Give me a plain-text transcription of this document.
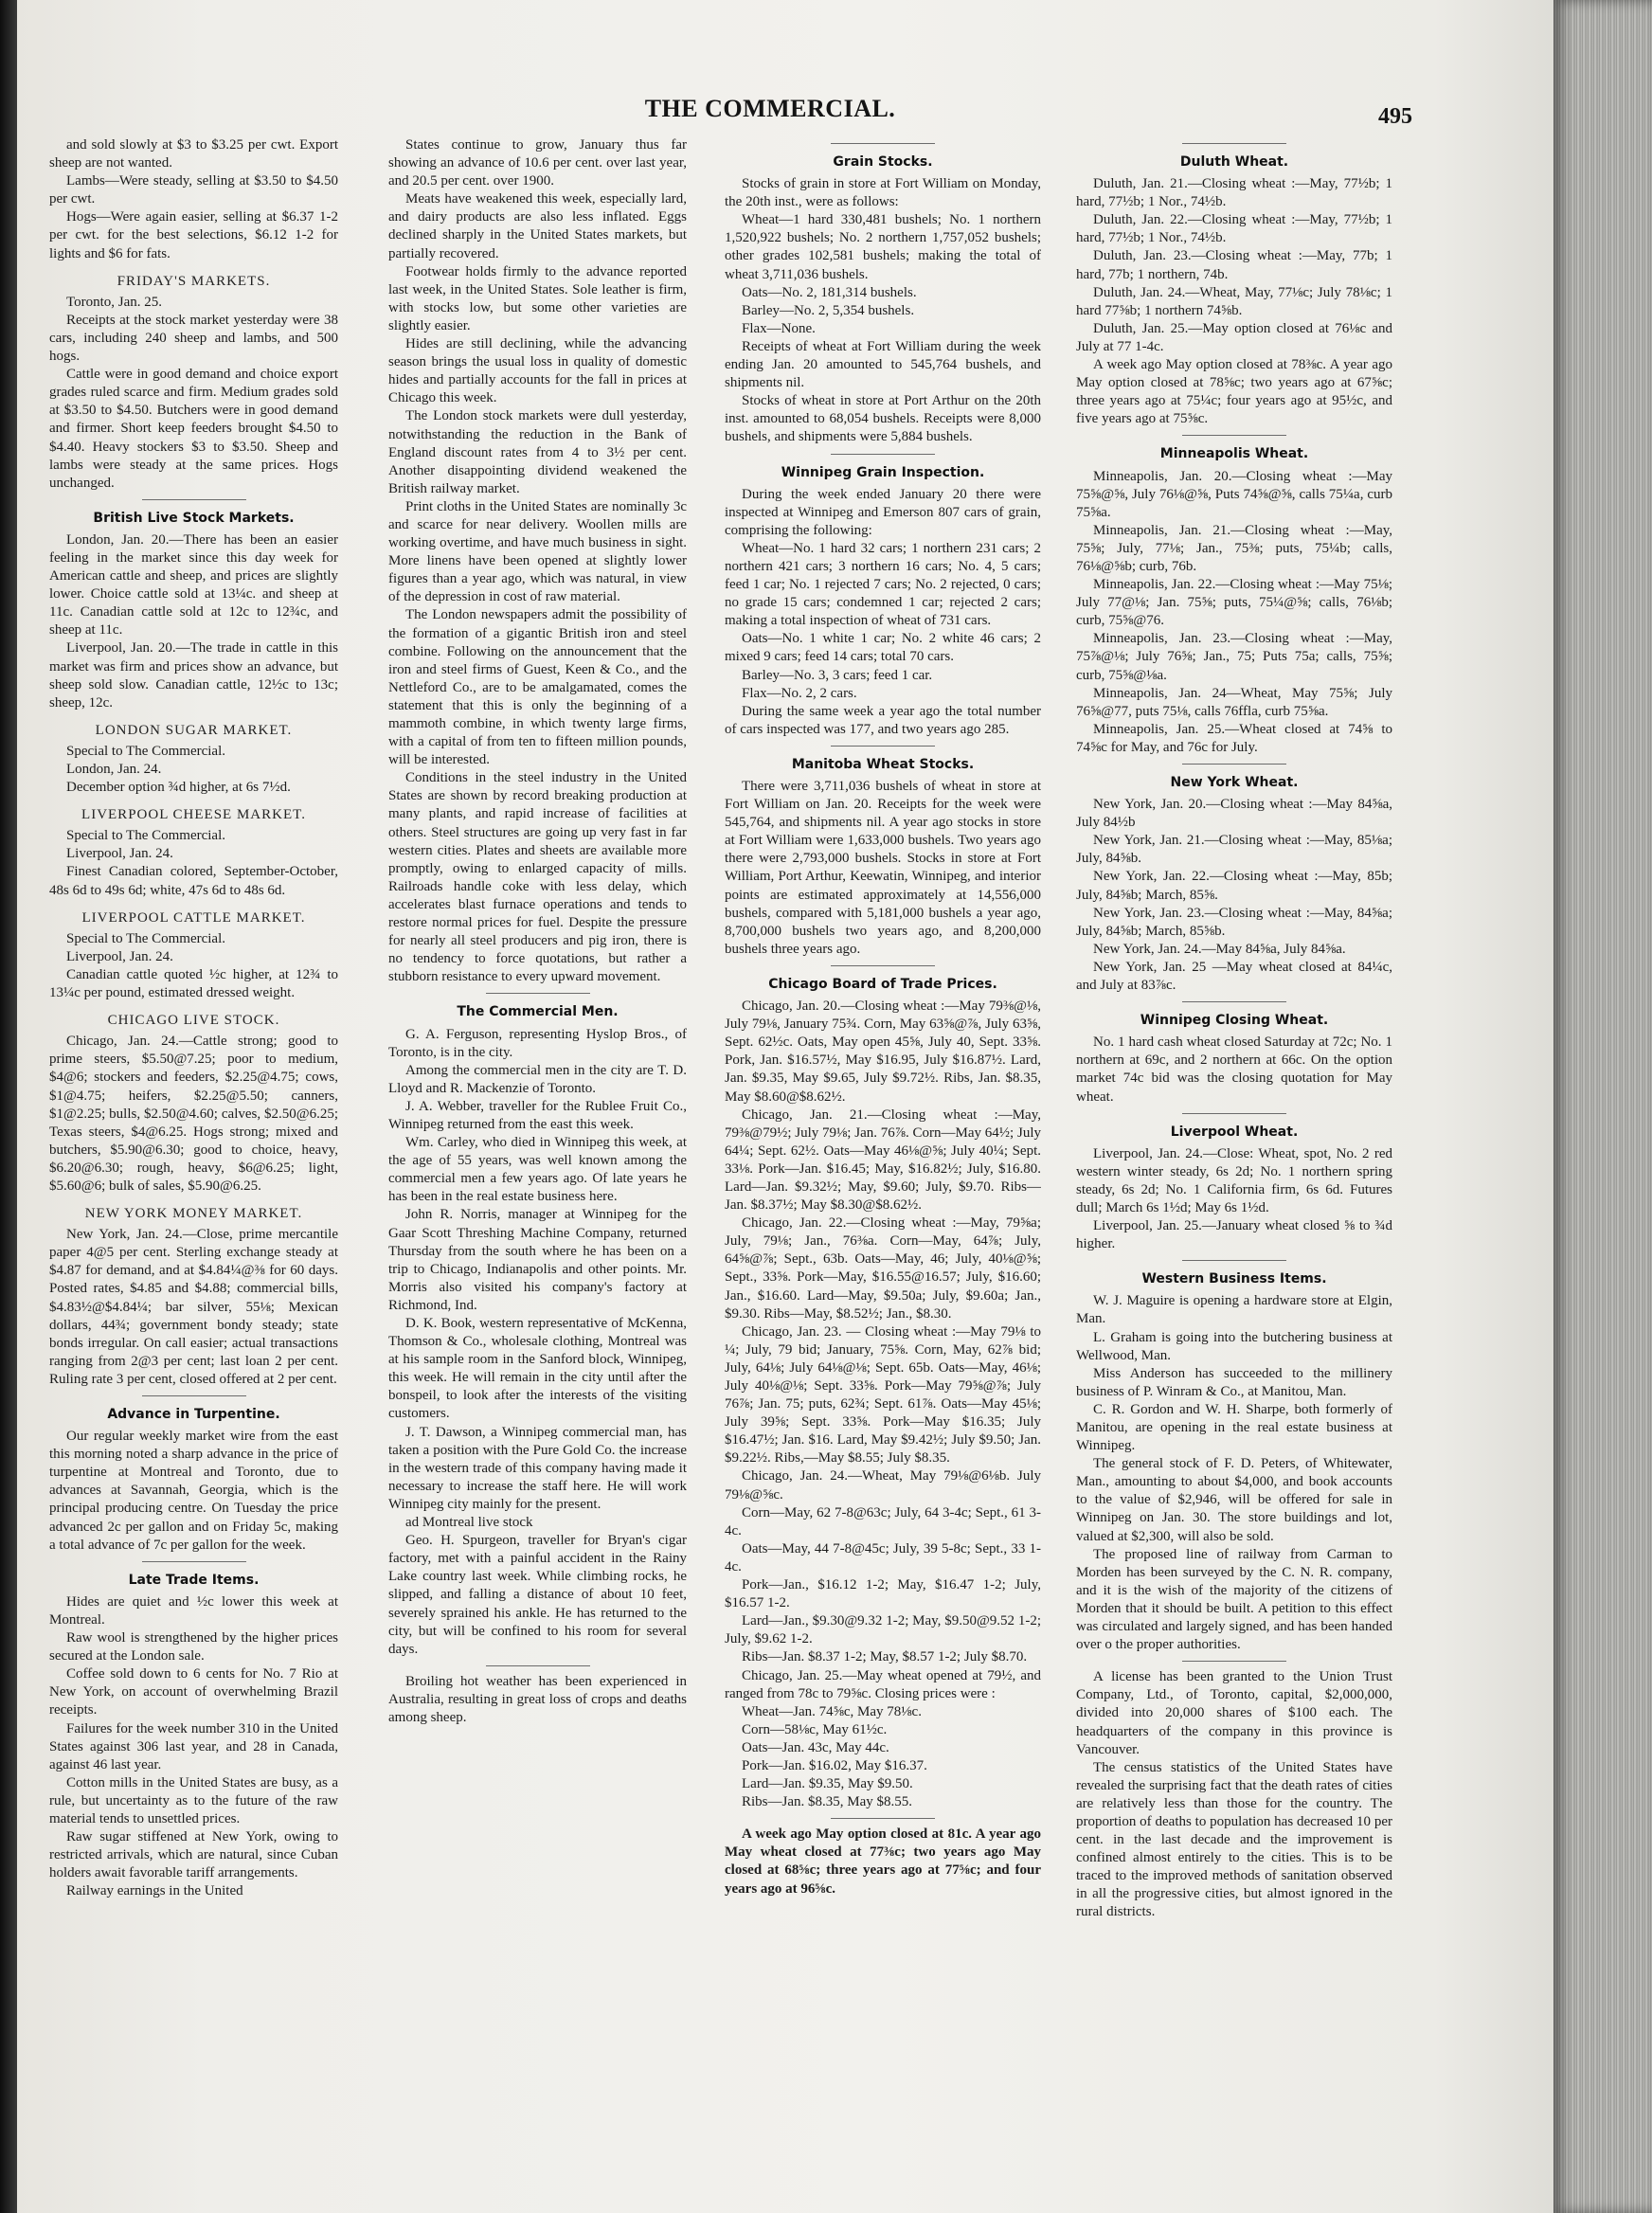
THE COMMERCIAL.	495
and sold slowly at $3 to $3.25 per cwt. Export sheep are not wanted.
Lambs—Were steady, selling at $3.50 to $4.50 per cwt.
Hogs—Were again easier, selling at $6.37 1-2 per cwt. for the best selections, $6.12 1-2 for lights and $6 for fats.
FRIDAY'S MARKETS.
Toronto, Jan. 25.
Receipts at the stock market yesterday were 38 cars, including 240 sheep and lambs, and 500 hogs.
Cattle were in good demand and choice export grades ruled scarce and firm. Medium grades sold at $3.50 to $4.50. Butchers were in good demand and firmer. Short keep feeders brought $4.50 to $4.40. Heavy stockers $3 to $3.50. Sheep and lambs were steady at the same prices. Hogs unchanged.
British Live Stock Markets.
London, Jan. 20.—There has been an easier feeling in the market since this day week for American cattle and sheep, and prices are slightly lower. Choice cattle sold at 13¼c. and sheep at 11c. Canadian cattle sold at 12c to 12¾c, and sheep at 11c.
Liverpool, Jan. 20.—The trade in cattle in this market was firm and prices show an advance, but sheep sold slow. Canadian cattle, 12½c to 13c; sheep, 12c.
LONDON SUGAR MARKET.
Special to The Commercial.
London, Jan. 24.
December option ¾d higher, at 6s 7½d.
LIVERPOOL CHEESE MARKET.
Special to The Commercial.
Liverpool, Jan. 24.
Finest Canadian colored, September-October, 48s 6d to 49s 6d; white, 47s 6d to 48s 6d.
LIVERPOOL CATTLE MARKET.
Special to The Commercial.
Liverpool, Jan. 24.
Canadian cattle quoted ½c higher, at 12¾ to 13¼c per pound, estimated dressed weight.
CHICAGO LIVE STOCK.
Chicago, Jan. 24.—Cattle strong; good to prime steers, $5.50@7.25; poor to medium, $4@6; stockers and feeders, $2.25@4.75; cows, $1@4.75; heifers, $2.25@5.50; canners, $1@2.25; bulls, $2.50@4.60; calves, $2.50@6.25; Texas steers, $4@6.25. Hogs strong; mixed and butchers, $5.90@6.30; good to choice, heavy, $6.20@6.30; rough, heavy, $6@6.25; light, $5.60@6; bulk of sales, $5.90@6.25.
NEW YORK MONEY MARKET.
New York, Jan. 24.—Close, prime mercantile paper 4@5 per cent. Sterling exchange steady at $4.87 for demand, and at $4.84¼@⅜ for 60 days. Posted rates, $4.85 and $4.88; commercial bills, $4.83½@$4.84¼; bar silver, 55⅛; Mexican dollars, 44¾; government bondy steady; state bonds irregular. On call easier; actual transactions ranging from 2@3 per cent; last loan 2 per cent. Ruling rate 3 per cent, closed offered at 2 per cent.
Advance in Turpentine.
Our regular weekly market wire from the east this morning noted a sharp advance in the price of turpentine at Montreal and Toronto, due to advances at Savannah, Georgia, which is the principal producing centre. On Tuesday the price advanced 2c per gallon and on Friday 5c, making a total advance of 7c per gallon for the week.
Late Trade Items.
Hides are quiet and ½c lower this week at Montreal.
Raw wool is strengthened by the higher prices secured at the London sale.
Coffee sold down to 6 cents for No. 7 Rio at New York, on account of overwhelming Brazil receipts.
Failures for the week number 310 in the United States against 306 last year, and 28 in Canada, against 46 last year.
Cotton mills in the United States are busy, as a rule, but uncertainty as to the future of the raw material tends to unsettled prices.
Raw sugar stiffened at New York, owing to restricted arrivals, which are natural, since Cuban holders await favorable tariff arrangements.
Railway earnings in the United
States continue to grow, January thus far showing an advance of 10.6 per cent. over last year, and 20.5 per cent. over 1900.
Meats have weakened this week, especially lard, and dairy products are also less inflated. Eggs declined sharply in the United States markets, but partially recovered.
Footwear holds firmly to the advance reported last week, in the United States. Sole leather is firm, with stocks low, but some other varieties are slightly easier.
Hides are still declining, while the advancing season brings the usual loss in quality of domestic hides and partially accounts for the fall in prices at Chicago this week.
The London stock markets were dull yesterday, notwithstanding the reduction in the Bank of England discount rates from 4 to 3½ per cent. Another disappointing dividend weakened the British railway market.
Print cloths in the United States are nominally 3c and scarce for near delivery. Woollen mills are working overtime, and have much business in sight. More linens have been opened at slightly lower figures than a year ago, which was natural, in view of the depression in cost of raw material.
The London newspapers admit the possibility of the formation of a gigantic British iron and steel combine. Following on the announcement that the iron and steel firms of Guest, Keen & Co., and the Nettleford Co., are to be amalgamated, comes the statement that this is only the beginning of a mammoth combine, in which twenty large firms, with a capital of from ten to fifteen million pounds, will be interested.
Conditions in the steel industry in the United States are shown by record breaking production at many plants, and rapid increase of facilities at others. Steel structures are going up very fast in far western cities. Plates and sheets are available more promptly, owing to enlarged capacity of mills. Railroads handle coke with less delay, which accelerates blast furnace operations and tends to restore normal prices for fuel. Despite the pressure for nearly all steel producers and pig iron, there is no tendency to force quotations, but rather a stubborn resistance to every upward movement.
The Commercial Men.
G. A. Ferguson, representing Hyslop Bros., of Toronto, is in the city.
Among the commercial men in the city are T. D. Lloyd and R. Mackenzie of Toronto.
J. A. Webber, traveller for the Rublee Fruit Co., Winnipeg returned from the east this week.
Wm. Carley, who died in Winnipeg this week, at the age of 55 years, was well known among the commercial men a few years ago. Of late years he has been in the real estate business here.
John R. Norris, manager at Winnipeg for the Gaar Scott Threshing Machine Company, returned Thursday from the south where he has been on a trip to Chicago, Indianapolis and other points. Mr. Morris also visited his company's factory at Richmond, Ind.
D. K. Book, western representative of McKenna, Thomson & Co., wholesale clothing, Montreal was at his sample room in the Sanford block, Winnipeg, this week. He will remain in the city until after the bonspeil, to look after the interests of the visiting customers.
J. T. Dawson, a Winnipeg commercial man, has taken a position with the Pure Gold Co. the increase in the western trade of this company having made it necessary to increase the staff here. He will work Winnipeg city mainly for the present.
ad Montreal live stock
Geo. H. Spurgeon, traveller for Bryan's cigar factory, met with a painful accident in the Rainy Lake country last week. While climbing rocks, he slipped, and falling a distance of about 10 feet, severely sprained his ankle. He has returned to the city, but will be confined to his room for several days.
Broiling hot weather has been experienced in Australia, resulting in great loss of crops and deaths among sheep.
Grain Stocks.
Stocks of grain in store at Fort William on Monday, the 20th inst., were as follows:
Wheat—1 hard 330,481 bushels; No. 1 northern 1,520,922 bushels; No. 2 northern 1,757,052 bushels; other grades 102,581 bushels; making the total of wheat 3,711,036 bushels.
Oats—No. 2, 181,314 bushels.
Barley—No. 2, 5,354 bushels.
Flax—None.
Receipts of wheat at Fort William during the week ending Jan. 20 amounted to 545,764 bushels, and shipments nil.
Stocks of wheat in store at Port Arthur on the 20th inst. amounted to 68,054 bushels. Receipts were 8,000 bushels, and shipments were 5,884 bushels.
Winnipeg Grain Inspection.
During the week ended January 20 there were inspected at Winnipeg and Emerson 807 cars of grain, comprising the following:
Wheat—No. 1 hard 32 cars; 1 northern 231 cars; 2 northern 421 cars; 3 northern 16 cars; No. 4, 5 cars; feed 1 car; No. 1 rejected 7 cars; No. 2 rejected, 0 cars; no grade 15 cars; condemned 1 car; rejected 2 cars; making a total inspection of wheat of 731 cars.
Oats—No. 1 white 1 car; No. 2 white 46 cars; 2 mixed 9 cars; feed 14 cars; total 70 cars.
Barley—No. 3, 3 cars; feed 1 car.
Flax—No. 2, 2 cars.
During the same week a year ago the total number of cars inspected was 177, and two years ago 285.
Manitoba Wheat Stocks.
There were 3,711,036 bushels of wheat in store at Fort William on Jan. 20. Receipts for the week were 545,764, and shipments nil. A year ago stocks in store at Fort William were 1,633,000 bushels. Two years ago there were 2,793,000 bushels. Stocks in store at Fort William, Port Arthur, Keewatin, Winnipeg, and interior points are estimated approximately at 14,556,000 bushels, compared with 5,181,000 bushels a year ago, 8,700,000 bushels two years ago, and 8,200,000 bushels three years ago.
Chicago Board of Trade Prices.
Chicago, Jan. 20.—Closing wheat :—May 79⅜@⅛, July 79⅛, January 75¾. Corn, May 63⅝@⅞, July 63⅝, Sept. 62½c. Oats, May open 45⅝, July 40, Sept. 33⅝. Pork, Jan. $16.57½, May $16.95, July $16.87½. Lard, Jan. $9.35, May $9.65, July $9.72½. Ribs, Jan. $8.35, May $8.60@$8.62½.
Chicago, Jan. 21.—Closing wheat :—May, 79⅜@79½; July 79⅛; Jan. 76⅞. Corn—May 64½; July 64¼; Sept. 62½. Oats—May 46⅛@⅝; July 40¼; Sept. 33⅛. Pork—Jan. $16.45; May, $16.82½; July, $16.80. Lard—Jan. $9.32½; May, $9.60; July, $9.70. Ribs—Jan. $8.37½; May $8.30@$8.62½.
Chicago, Jan. 22.—Closing wheat :—May, 79⅝a; July, 79⅛; Jan., 76⅜a. Corn—May, 64⅞; July, 64⅝@⅞; Sept., 63b. Oats—May, 46; July, 40⅛@⅝; Sept., 33⅝. Pork—May, $16.55@16.57; July, $16.60; Jan., $16.60. Lard—May, $9.50a; July, $9.60a; Jan., $9.30. Ribs—May, $8.52½; Jan., $8.30.
Chicago, Jan. 23. — Closing wheat :—May 79⅛ to ¼; July, 79 bid; January, 75⅝. Corn, May, 62⅞ bid; July, 64⅛; July 64⅛@⅛; Sept. 65b. Oats—May, 46⅛; July 40⅛@⅛; Sept. 33⅝. Pork—May 79⅝@⅞; July 76⅞; Jan. 75; puts, 62¾; Sept. 61⅞. Oats—May 45⅛; July 39⅝; Sept. 33⅝. Pork—May $16.35; July $16.47½; Jan. $16. Lard, May $9.42½; July $9.50; Jan. $9.22½. Ribs,—May $8.55; July $8.35.
Chicago, Jan. 24.—Wheat, May 79⅛@6⅛b. July 79⅛@⅝c.
Corn—May, 62 7-8@63c; July, 64 3-4c; Sept., 61 3-4c.
Oats—May, 44 7-8@45c; July, 39 5-8c; Sept., 33 1-4c.
Pork—Jan., $16.12 1-2; May, $16.47 1-2; July, $16.57 1-2.
Lard—Jan., $9.30@9.32 1-2; May, $9.50@9.52 1-2; July, $9.62 1-2.
Ribs—Jan. $8.37 1-2; May, $8.57 1-2; July $8.70.
Chicago, Jan. 25.—May wheat opened at 79½, and ranged from 78c to 79⅝c. Closing prices were :
Wheat—Jan. 74⅝c, May 78⅛c.
Corn—58⅛c, May 61½c.
Oats—Jan. 43c, May 44c.
Pork—Jan. $16.02, May $16.37.
Lard—Jan. $9.35, May $9.50.
Ribs—Jan. $8.35, May $8.55.
A week ago May option closed at 81c. A year ago May wheat closed at 77⅜c; two years ago May closed at 68⅝c; three years ago at 77⅝c; and four years ago at 96⅝c.
Duluth Wheat.
Duluth, Jan. 21.—Closing wheat :—May, 77½b; 1 hard, 77½b; 1 Nor., 74½b.
Duluth, Jan. 22.—Closing wheat :—May, 77½b; 1 hard, 77½b; 1 Nor., 74½b.
Duluth, Jan. 23.—Closing wheat :—May, 77b; 1 hard, 77b; 1 northern, 74b.
Duluth, Jan. 24.—Wheat, May, 77⅛c; July 78⅛c; 1 hard 77⅝b; 1 northern 74⅝b.
Duluth, Jan. 25.—May option closed at 76⅛c and July at 77 1-4c.
A week ago May option closed at 78⅜c. A year ago May option closed at 78⅝c; two years ago at 67⅝c; three years ago at 75¼c; four years ago at 95½c, and five years ago at 75⅝c.
Minneapolis Wheat.
Minneapolis, Jan. 20.—Closing wheat :—May 75⅝@⅝, July 76⅛@⅝, Puts 74⅝@⅝, calls 75¼a, curb 75⅝a.
Minneapolis, Jan. 21.—Closing wheat :—May, 75⅝; July, 77⅛; Jan., 75⅜; puts, 75¼b; calls, 76⅛@⅝b; curb, 76b.
Minneapolis, Jan. 22.—Closing wheat :—May 75⅛; July 77@⅛; Jan. 75⅝; puts, 75¼@⅝; calls, 76⅛b; curb, 75⅝@76.
Minneapolis, Jan. 23.—Closing wheat :—May, 75⅞@⅛; July 76⅝; Jan., 75; Puts 75a; calls, 75⅝; curb, 75⅝@⅛a.
Minneapolis, Jan. 24—Wheat, May 75⅝; July 76⅝@77, puts 75⅛, calls 76ffla, curb 75⅝a.
Minneapolis, Jan. 25.—Wheat closed at 74⅝ to 74⅝c for May, and 76c for July.
New York Wheat.
New York, Jan. 20.—Closing wheat :—May 84⅝a, July 84½b
New York, Jan. 21.—Closing wheat :—May, 85⅛a; July, 84⅝b.
New York, Jan. 22.—Closing wheat :—May, 85b; July, 84⅝b; March, 85⅝.
New York, Jan. 23.—Closing wheat :—May, 84⅝a; July, 84⅝b; March, 85⅝b.
New York, Jan. 24.—May 84⅝a, July 84⅝a.
New York, Jan. 25 —May wheat closed at 84¼c, and July at 83⅞c.
Winnipeg Closing Wheat.
No. 1 hard cash wheat closed Saturday at 72c; No. 1 northern at 69c, and 2 northern at 66c. On the option market 74c bid was the closing quotation for May wheat.
Liverpool Wheat.
Liverpool, Jan. 24.—Close: Wheat, spot, No. 2 red western winter steady, 6s 2d; No. 1 northern spring steady, 6s 2d; No. 1 California firm, 6s 6d. Futures dull; March 6s 1½d; May 6s 1½d.
Liverpool, Jan. 25.—January wheat closed ⅝ to ¾d higher.
Western Business Items.
W. J. Maguire is opening a hardware store at Elgin, Man.
L. Graham is going into the butchering business at Wellwood, Man.
Miss Anderson has succeeded to the millinery business of P. Winram & Co., at Manitou, Man.
C. R. Gordon and W. H. Sharpe, both formerly of Manitou, are opening in the real estate business at Winnipeg.
The general stock of F. D. Peters, of Whitewater, Man., amounting to about $4,000, and book accounts to the value of $2,946, will be offered for sale in Winnipeg on Jan. 30. The store buildings and lot, valued at $2,300, will also be sold.
The proposed line of railway from Carman to Morden has been surveyed by the C. N. R. company, and it is the wish of the majority of the citizens of Morden that it should be built. A petition to this effect was circulated and largely signed, and has been handed over o the proper authorities.
A license has been granted to the Union Trust Company, Ltd., of Toronto, capital, $2,000,000, divided into 20,000 shares of $100 each. The headquarters of the company in this province is Vancouver.
The census statistics of the United States have revealed the surprising fact that the death rates of cities are relatively less than those for the country. The proportion of deaths to population has decreased 10 per cent. in the last decade and the improvement is confined almost entirely to the cities. This is to be traced to the improved methods of sanitation observed in all the progressive cities, but almost ignored in the rural districts.
